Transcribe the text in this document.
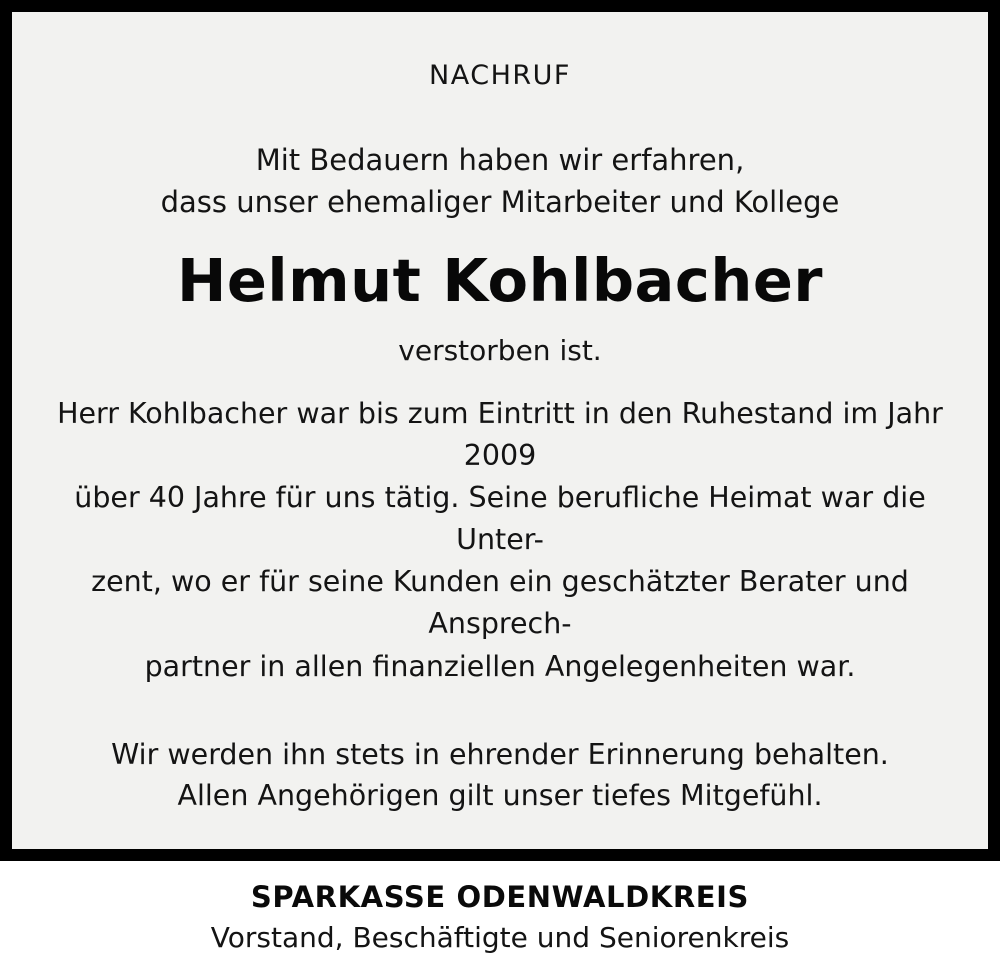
NACHRUF
Mit Bedauern haben wir erfahren,
dass unser ehemaliger Mitarbeiter und Kollege
Helmut Kohlbacher
verstorben ist.
Herr Kohlbacher war bis zum Eintritt in den Ruhestand im Jahr 2009
über 40 Jahre für uns tätig. Seine berufliche Heimat war die Unter-
zent, wo er für seine Kunden ein geschätzter Berater und Ansprech-
partner in allen finanziellen Angelegenheiten war.
Wir werden ihn stets in ehrender Erinnerung behalten.
Allen Angehörigen gilt unser tiefes Mitgefühl.
SPARKASSE ODENWALDKREIS
Vorstand, Beschäftigte und Seniorenkreis
